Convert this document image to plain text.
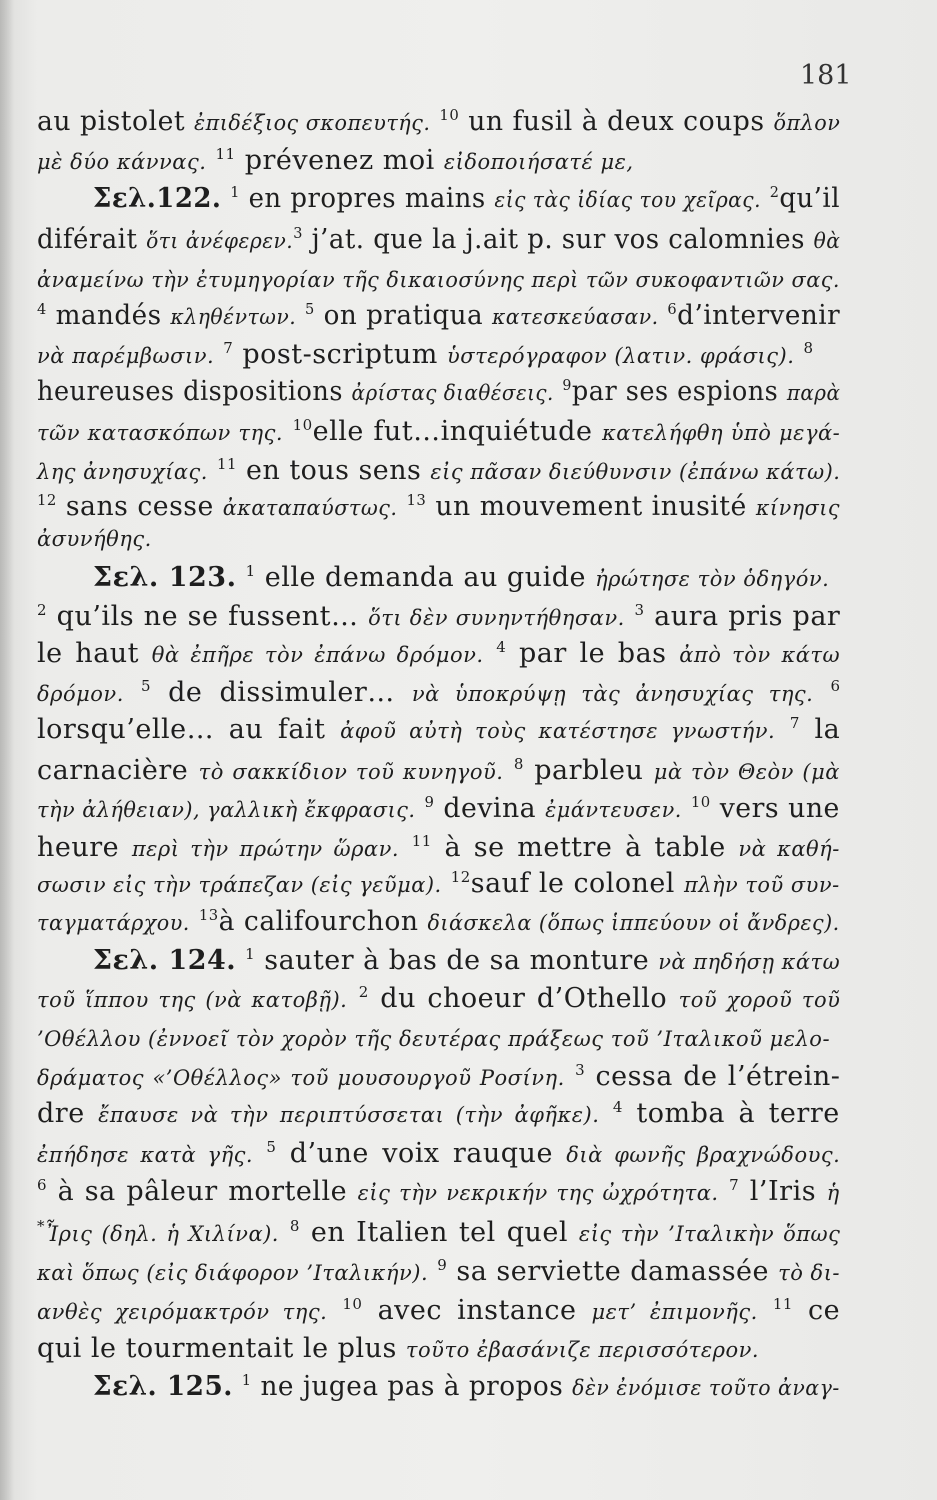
181
au pistolet ἐπιδέξιος σκοπευτής. $^{10}$ un fusil à deux coups ὅπλον
μὲ δύο κάννας. $^{11}$ prévenez moi εἰδοποιήσατέ με,
Σελ.122. $^1$ en propres mains εἰς τὰς ἰδίας του χεῖρας. $^2$qu’il
diférait ὅτι ἀνέφερεν.$^3$ j’at. que la j.ait p. sur vos calomnies θὰ
ἀναμείνω τὴν ἐτυμηγορίαν τῆς δικαιοσύνης περὶ τῶν συκοφαντιῶν σας.
$^4$ mandés κληθέντων. $^5$ on pratiqua κατεσκεύασαν. $^6$d’intervenir
νὰ παρέμβωσιν. $^7$ post-scriptum ὑστερόγραφον (λατιν. φράσις). $^8$
heureuses dispositions ἀρίστας διαθέσεις. $^9$par ses espions παρὰ
τῶν κατασκόπων της. $^{10}$elle fut…inquiétude κατελήφθη ὑπὸ μεγά-
λης ἀνησυχίας. $^{11}$ en tous sens εἰς πᾶσαν διεύθυνσιν (ἐπάνω κάτω).
$^{12}$ sans cesse ἀκαταπαύστως. $^{13}$ un mouvement inusité κίνησις
ἀσυνήθης.
Σελ. 123. $^1$ elle demanda au guide ἠρώτησε τὸν ὁδηγόν.
$^2$ qu’ils ne se fussent… ὅτι δὲν συνηντήθησαν. $^3$ aura pris par
le haut θὰ ἐπῆρε τὸν ἐπάνω δρόμον. $^4$ par le bas ἀπὸ τὸν κάτω
δρόμον. $^5$ de dissimuler… νὰ ὑποκρύψῃ τὰς ἀνησυχίας της. $^6$
lorsqu’elle… au fait ἀφοῦ αὐτὴ τοὺς κατέστησε γνωστήν. $^7$ la
carnacière τὸ σακκίδιον τοῦ κυνηγοῦ. $^8$ parbleu μὰ τὸν Θεὸν (μὰ
τὴν ἀλήθειαν), γαλλικὴ ἔκφρασις. $^9$ devina ἐμάντευσεν. $^{10}$ vers une
heure περὶ τὴν πρώτην ὥραν. $^{11}$ à se mettre à table νὰ καθή-
σωσιν εἰς τὴν τράπεζαν (εἰς γεῦμα). $^{12}$sauf le colonel πλὴν τοῦ συν-
ταγματάρχου. $^{13}$à califourchon διάσκελα (ὅπως ἱππεύουν οἱ ἄνδρες).
Σελ. 124. $^1$ sauter à bas de sa monture νὰ πηδήσῃ κάτω
τοῦ ἵππου της (νὰ κατοβῇ). $^2$ du choeur d’Othello τοῦ χοροῦ τοῦ
’Οθέλλου (ἐννοεῖ τὸν χορὸν τῆς δευτέρας πράξεως τοῦ ’Ιταλικοῦ μελο-
δράματος «’Οθέλλος» τοῦ μουσουργοῦ Ροσίνη. $^3$ cessa de l’étrein-
dre ἔπαυσε νὰ τὴν περιπτύσσεται (τὴν ἀφῆκε). $^4$ tomba à terre
ἐπήδησε κατὰ γῆς. $^5$ d’une voix rauque διὰ φωνῆς βραχνώδους.
$^6$ à sa pâleur mortelle εἰς τὴν νεκρικήν της ὠχρότητα. $^7$ l’Iris ἡ
*Ἶρις (δηλ. ἡ Χιλίνα). $^8$ en Italien tel quel εἰς τὴν ’Ιταλικὴν ὅπως
καὶ ὅπως (εἰς διάφορον ’Ιταλικήν). $^9$ sa serviette damassée τὸ δι-
ανθὲς χειρόμακτρόν της. $^{10}$ avec instance μετ’ ἐπιμονῆς. $^{11}$ ce
qui le tourmentait le plus τοῦτο ἐβασάνιζε περισσότερον.
Σελ. 125. $^1$ ne jugea pas à propos δὲν ἐνόμισε τοῦτο ἀναγ-
